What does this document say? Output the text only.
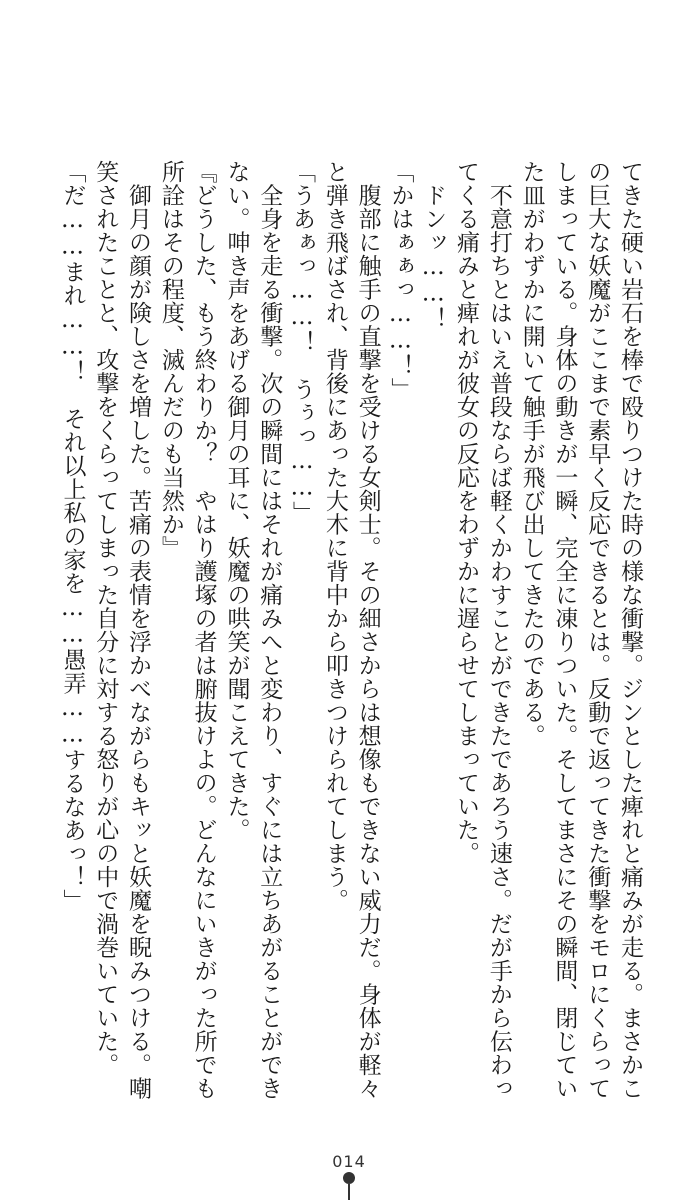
てきた硬い岩石を棒で殴りつけた時の様な衝撃。ジンとした痺れと痛みが走る。まさかこ

の巨大な妖魔がここまで素早く反応できるとは。反動で返ってきた衝撃をモロにくらって

しまっている。身体の動きが一瞬、完全に凍りついた。そしてまさにその瞬間、閉じてい

た皿がわずかに開いて触手が飛び出してきたのである。

　不意打ちとはいえ普段ならば軽くかわすことができたであろう速さ。だが手から伝わっ

てくる痛みと痺れが彼女の反応をわずかに遅らせてしまっていた。

　ドンッ……！

「かはぁぁっ……！」

　腹部に触手の直撃を受ける女剣士。その細さからは想像もできない威力だ。身体が軽々

と弾き飛ばされ、背後にあった大木に背中から叩きつけられてしまう。

「うあぁっ……！　うぅっ……」

　全身を走る衝撃。次の瞬間にはそれが痛みへと変わり、すぐには立ちあがることができ

ない。呻き声をあげる御月の耳に、妖魔の哄笑が聞こえてきた。

『どうした、もう終わりか？　やはり護塚の者は腑抜けよの。どんなにいきがった所でも

所詮はその程度、滅んだのも当然か』

　御月の顔が険しさを増した。苦痛の表情を浮かべながらもキッと妖魔を睨みつける。嘲

笑されたことと、攻撃をくらってしまった自分に対する怒りが心の中で渦巻いていた。

「だ……まれ……！　それ以上私の家を……愚弄……するなあっ！」

014
